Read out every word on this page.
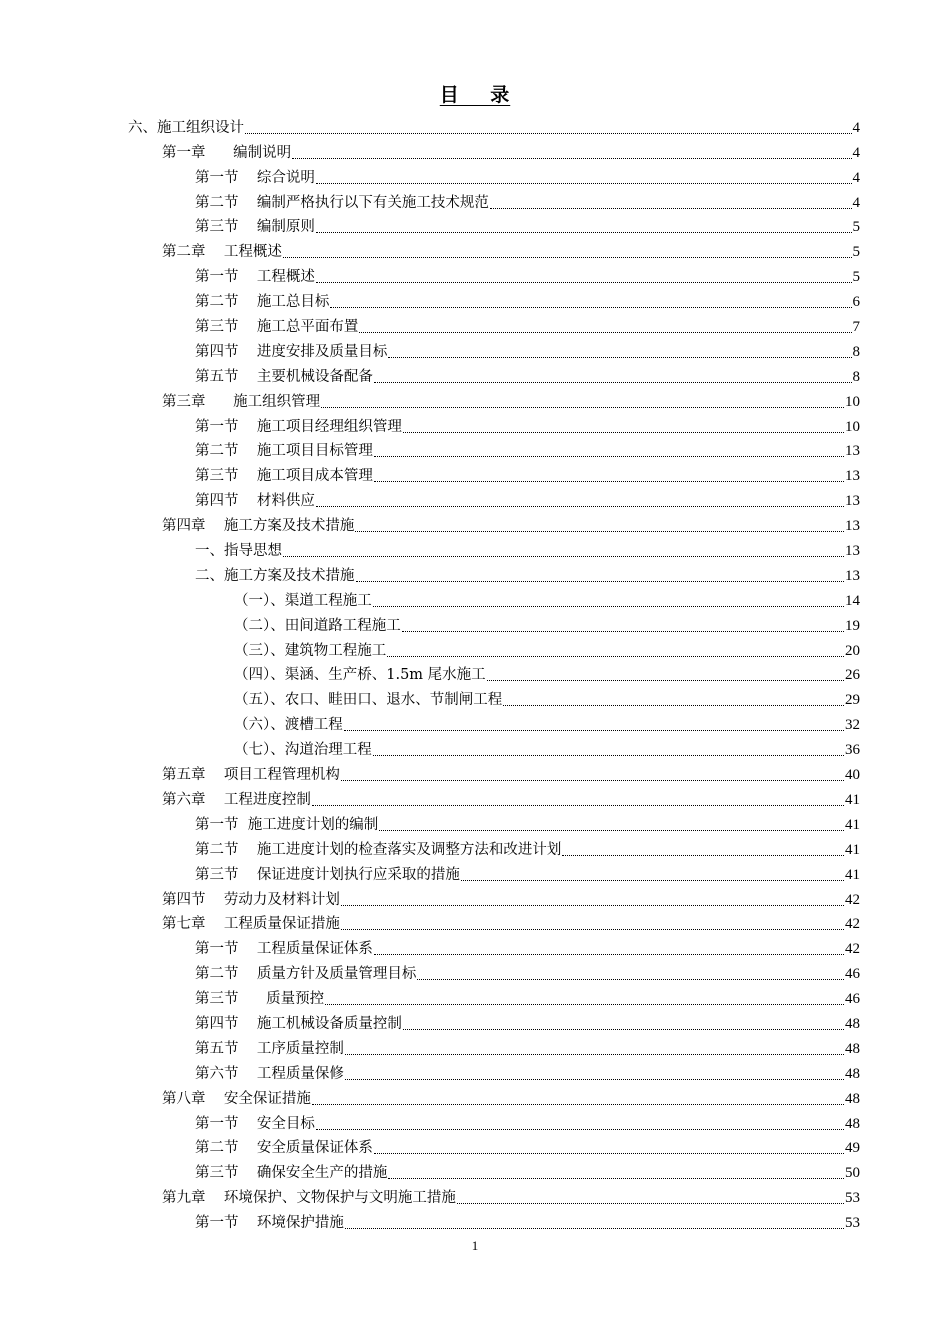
目    录
六、施工组织设计	4
第一章      编制说明	4
第一节    综合说明	4
第二节    编制严格执行以下有关施工技术规范	4
第三节    编制原则	5
第二章    工程概述	5
第一节    工程概述	5
第二节    施工总目标	6
第三节    施工总平面布置	7
第四节    进度安排及质量目标	8
第五节    主要机械设备配备	8
第三章      施工组织管理	10
第一节    施工项目经理组织管理	10
第二节    施工项目目标管理	13
第三节    施工项目成本管理	13
第四节    材料供应	13
第四章    施工方案及技术措施	13
一、指导思想	13
二、施工方案及技术措施	13
（一）、渠道工程施工	14
（二）、田间道路工程施工	19
（三）、建筑物工程施工	20
（四）、渠涵、生产桥、1.5m 尾水施工	26
（五）、农口、畦田口、退水、节制闸工程	29
（六）、渡槽工程	32
（七）、沟道治理工程	36
第五章    项目工程管理机构	40
第六章    工程进度控制	41
第一节  施工进度计划的编制	41
第二节    施工进度计划的检查落实及调整方法和改进计划	41
第三节    保证进度计划执行应采取的措施	41
第四节    劳动力及材料计划	42
第七章    工程质量保证措施	42
第一节    工程质量保证体系	42
第二节    质量方针及质量管理目标	46
第三节      质量预控	46
第四节    施工机械设备质量控制	48
第五节    工序质量控制	48
第六节    工程质量保修	48
第八章    安全保证措施	48
第一节    安全目标	48
第二节    安全质量保证体系	49
第三节    确保安全生产的措施	50
第九章    环境保护、文物保护与文明施工措施	53
第一节    环境保护措施	53
1
